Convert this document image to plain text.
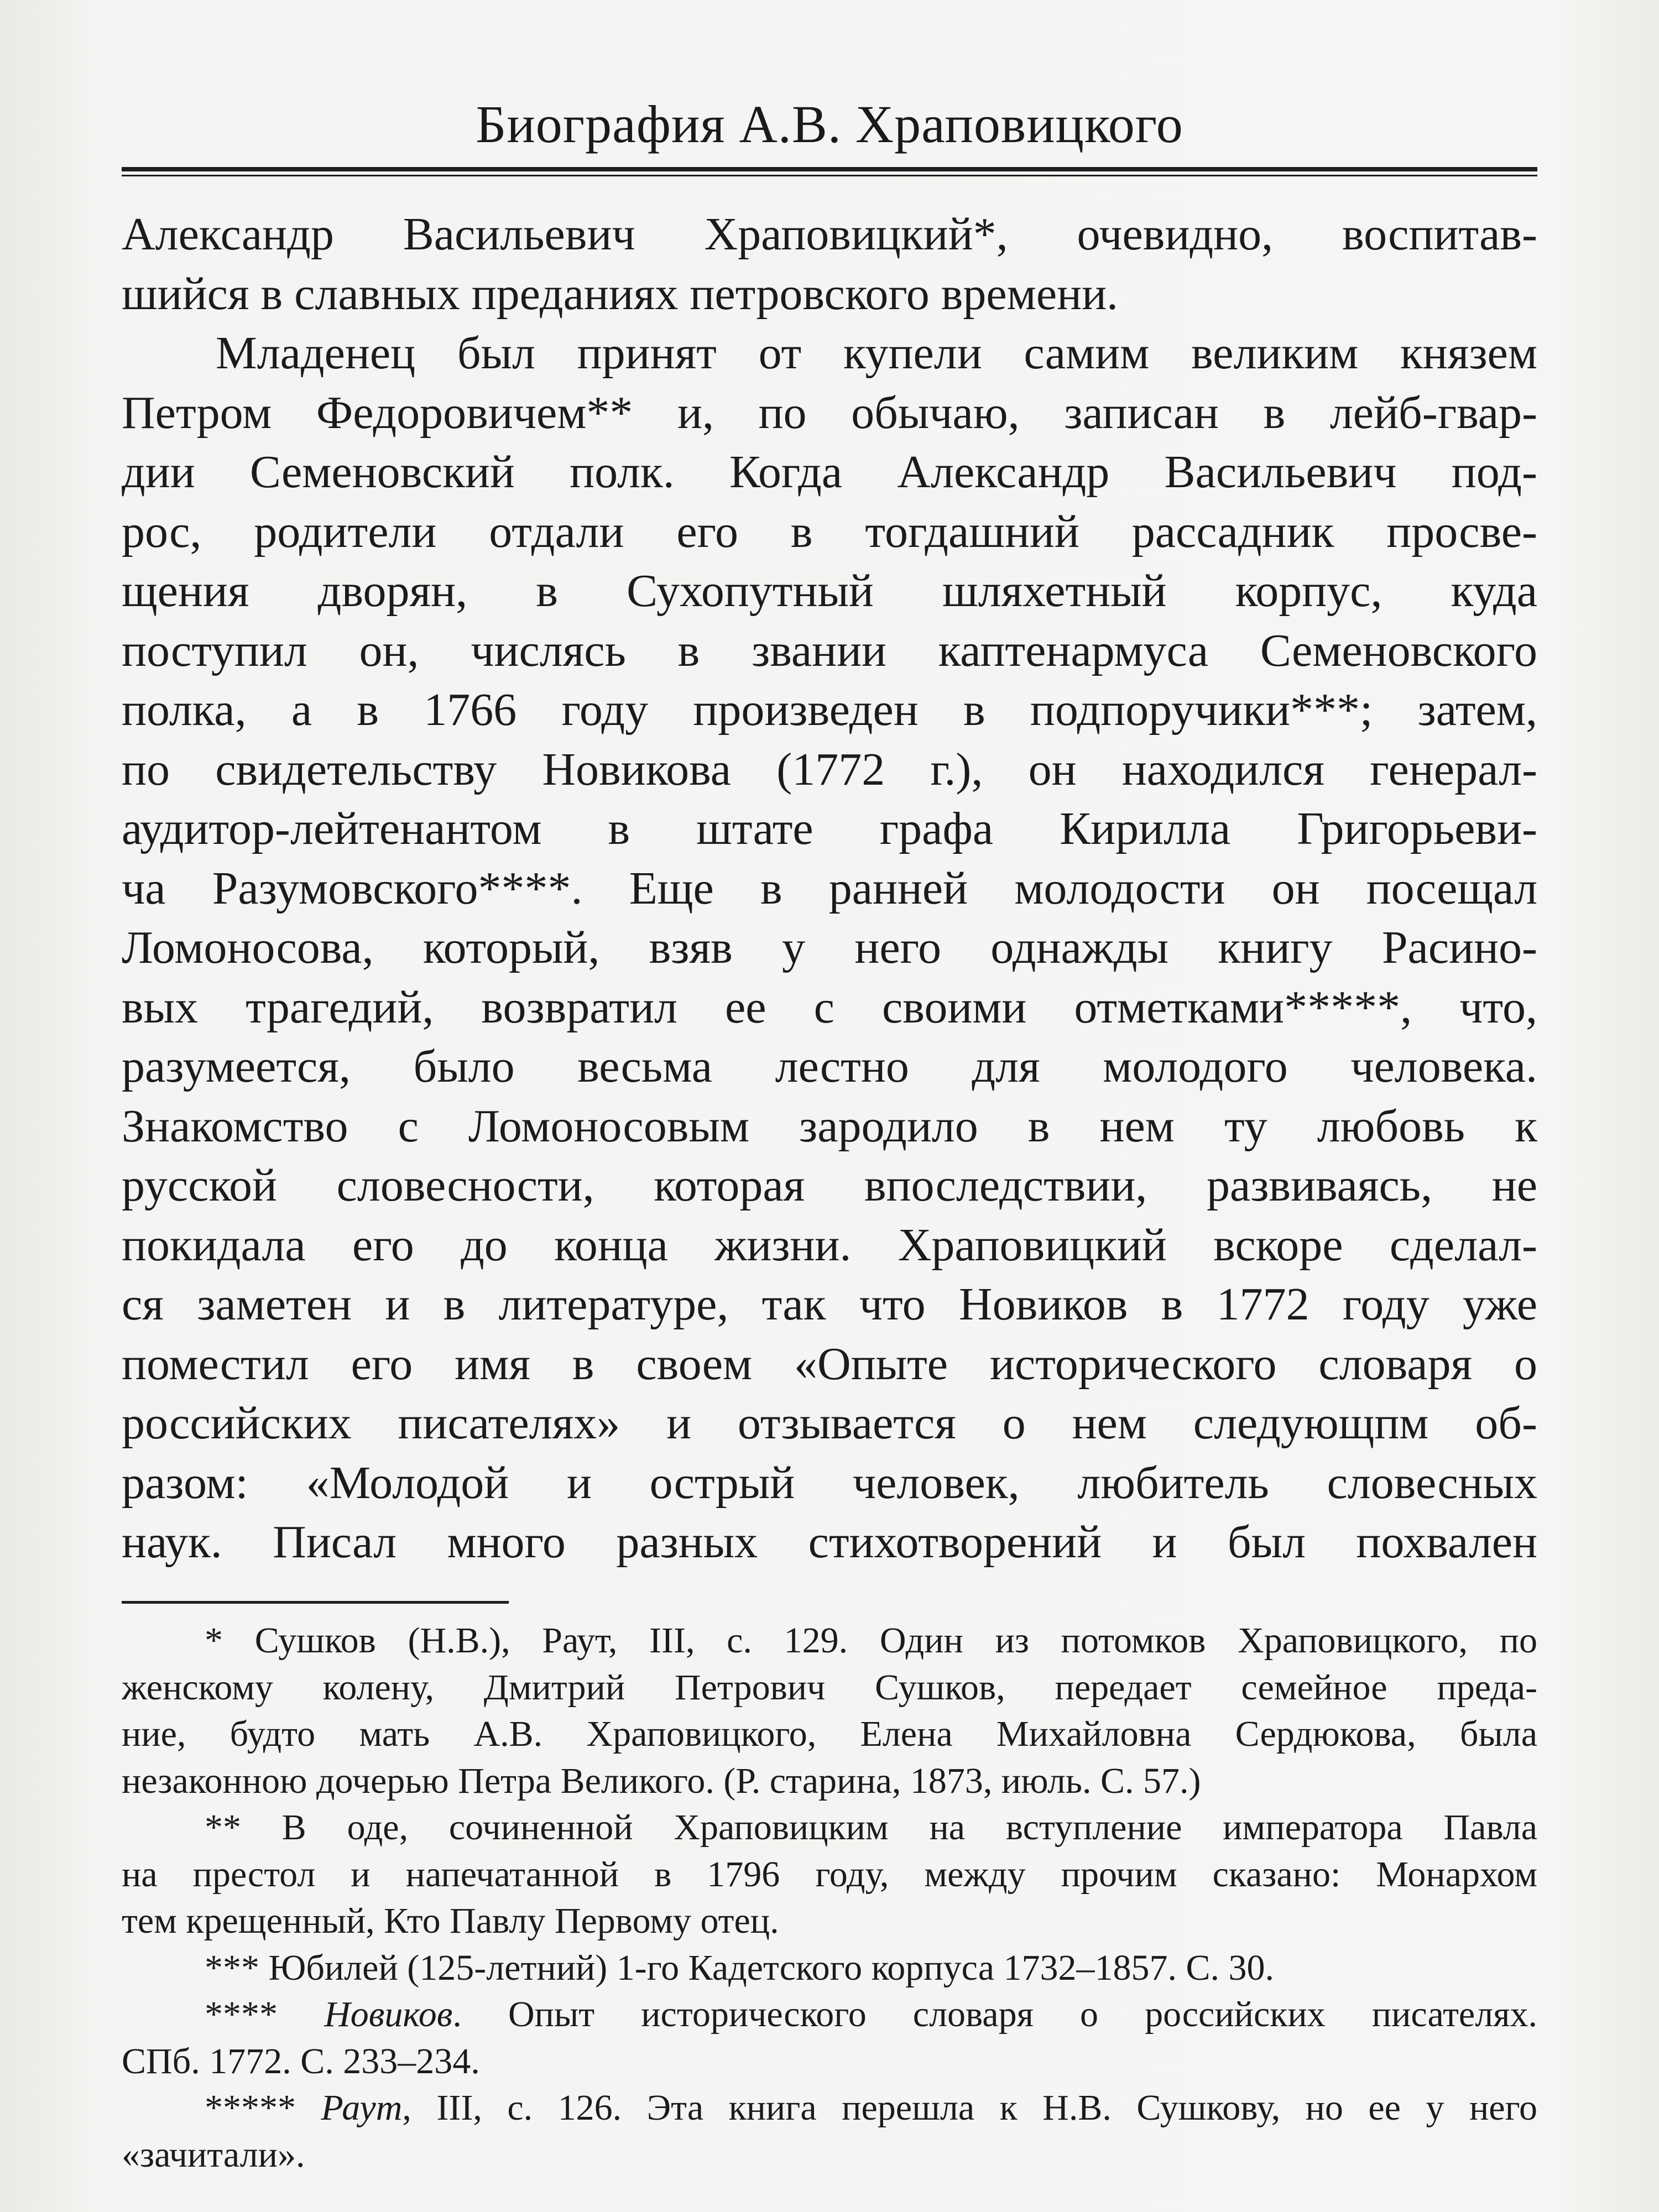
Биография А.В. Храповицкого
Александр Васильевич Храповицкий*, очевидно, воспитав-
шийся в славных преданиях петровского времени.
Младенец был принят от купели самим великим князем
Петром Федоровичем** и, по обычаю, записан в лейб-гвар-
дии Семеновский полк. Когда Александр Васильевич под-
рос, родители отдали его в тогдашний рассадник просве-
щения дворян, в Сухопутный шляхетный корпус, куда
поступил он, числясь в звании каптенармуса Семеновского
полка, а в 1766 году произведен в подпоручики***; затем,
по свидетельству Новикова (1772 г.), он находился генерал-
аудитор-лейтенантом в штате графа Кирилла Григорьеви-
ча Разумовского****. Еще в ранней молодости он посещал
Ломоносова, который, взяв у него однажды книгу Расино-
вых трагедий, возвратил ее с своими отметками*****, что,
разумеется, было весьма лестно для молодого человека.
Знакомство с Ломоносовым зародило в нем ту любовь к
русской словесности, которая впоследствии, развиваясь, не
покидала его до конца жизни. Храповицкий вскоре сделал-
ся заметен и в литературе, так что Новиков в 1772 году уже
поместил его имя в своем «Опыте исторического словаря о
российских писателях» и отзывается о нем следующпм об-
разом: «Молодой и острый человек, любитель словесных
наук. Писал много разных стихотворений и был похвален
* Сушков (Н.В.), Раут, III, с. 129. Один из потомков Храповицкого, по
женскому колену, Дмитрий Петрович Сушков, передает семейное преда-
ние, будто мать А.В. Храповицкого, Елена Михайловна Сердюкова, была
незаконною дочерью Петра Великого. (Р. старина, 1873, июль. С. 57.)
** В оде, сочиненной Храповицким на вступление императора Павла
на престол и напечатанной в 1796 году, между прочим сказано: Монархом
тем крещенный, Кто Павлу Первому отец.
*** Юбилей (125-летний) 1-го Кадетского корпуса 1732–1857. С. 30.
**** Новиков. Опыт исторического словаря о российских писателях.
СПб. 1772. С. 233–234.
***** Раут, III, с. 126. Эта книга перешла к Н.В. Сушкову, но ее у него
«зачитали».
